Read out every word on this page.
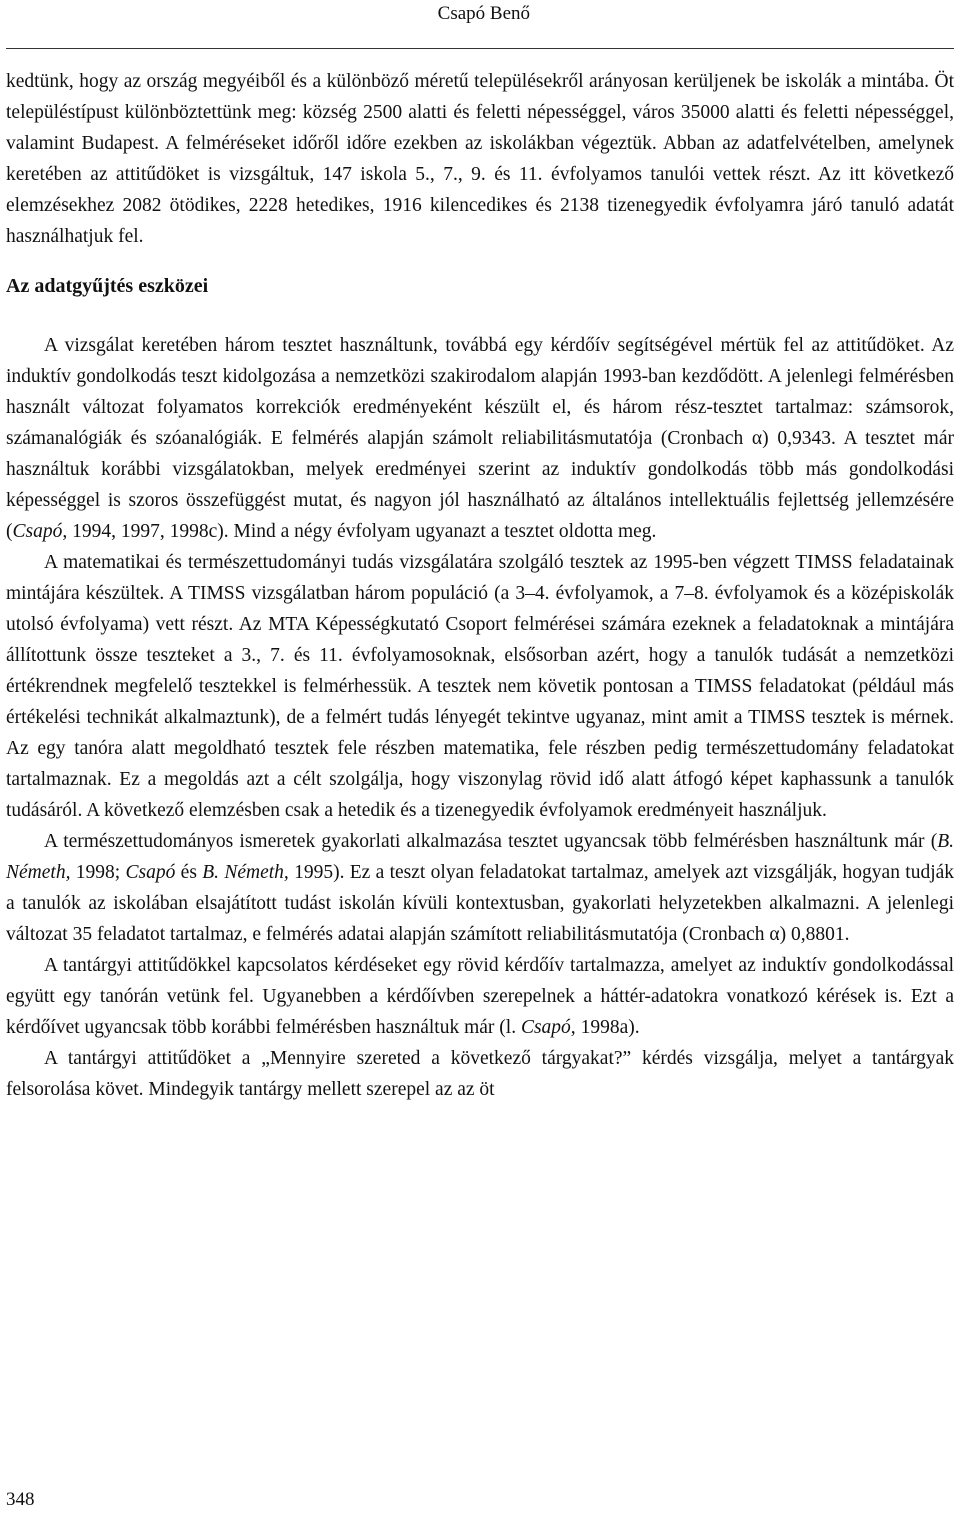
Csapó Benő

kedtünk, hogy az ország megyéiből és a különböző méretű településekről arányosan kerüljenek be iskolák a mintába. Öt településtípust különböztettünk meg: község 2500 alatti és feletti népességgel, város 35000 alatti és feletti népességgel, valamint Budapest. A felméréseket időről időre ezekben az iskolákban végeztük. Abban az adatfelvételben, amelynek keretében az attitűdöket is vizsgáltuk, 147 iskola 5., 7., 9. és 11. évfolyamos tanulói vettek részt. Az itt következő elemzésekhez 2082 ötödikes, 2228 hetedikes, 1916 kilencedikes és 2138 tizenegyedik évfolyamra járó tanuló adatát használhatjuk fel.

Az adatgyűjtés eszközei

A vizsgálat keretében három tesztet használtunk, továbbá egy kérdőív segítségével mértük fel az attitűdöket. Az induktív gondolkodás teszt kidolgozása a nemzetközi szakirodalom alapján 1993-ban kezdődött. A jelenlegi felmérésben használt változat folyamatos korrekciók eredményeként készült el, és három rész-tesztet tartalmaz: számsorok, számanalógiák és szóanalógiák. E felmérés alapján számolt reliabilitásmutatója (Cronbach α) 0,9343. A tesztet már használtuk korábbi vizsgálatokban, melyek eredményei szerint az induktív gondolkodás több más gondolkodási képességgel is szoros összefüggést mutat, és nagyon jól használható az általános intellektuális fejlettség jellemzésére (Csapó, 1994, 1997, 1998c). Mind a négy évfolyam ugyanazt a tesztet oldotta meg.

A matematikai és természettudományi tudás vizsgálatára szolgáló tesztek az 1995-ben végzett TIMSS feladatainak mintájára készültek. A TIMSS vizsgálatban három populáció (a 3–4. évfolyamok, a 7–8. évfolyamok és a középiskolák utolsó évfolyama) vett részt. Az MTA Képességkutató Csoport felmérései számára ezeknek a feladatoknak a mintájára állítottunk össze teszteket a 3., 7. és 11. évfolyamosoknak, elsősorban azért, hogy a tanulók tudását a nemzetközi értékrendnek megfelelő tesztekkel is felmérhessük. A tesztek nem követik pontosan a TIMSS feladatokat (például más értékelési technikát alkalmaztunk), de a felmért tudás lényegét tekintve ugyanaz, mint amit a TIMSS tesztek is mérnek. Az egy tanóra alatt megoldható tesztek fele részben matematika, fele részben pedig természettudomány feladatokat tartalmaznak. Ez a megoldás azt a célt szolgálja, hogy viszonylag rövid idő alatt átfogó képet kaphassunk a tanulók tudásáról. A következő elemzésben csak a hetedik és a tizenegyedik évfolyamok eredményeit használjuk.

A természettudományos ismeretek gyakorlati alkalmazása tesztet ugyancsak több felmérésben használtunk már (B. Németh, 1998; Csapó és B. Németh, 1995). Ez a teszt olyan feladatokat tartalmaz, amelyek azt vizsgálják, hogyan tudják a tanulók az iskolában elsajátított tudást iskolán kívüli kontextusban, gyakorlati helyzetekben alkalmazni. A jelenlegi változat 35 feladatot tartalmaz, e felmérés adatai alapján számított reliabilitásmutatója (Cronbach α) 0,8801.

A tantárgyi attitűdökkel kapcsolatos kérdéseket egy rövid kérdőív tartalmazza, amelyet az induktív gondolkodással együtt egy tanórán vetünk fel. Ugyanebben a kérdőívben szerepelnek a háttér-adatokra vonatkozó kérések is. Ezt a kérdőívet ugyancsak több korábbi felmérésben használtuk már (l. Csapó, 1998a).

A tantárgyi attitűdöket a „Mennyire szereted a következő tárgyakat?” kérdés vizsgálja, melyet a tantárgyak felsorolása követ. Mindegyik tantárgy mellett szerepel az az öt

348
